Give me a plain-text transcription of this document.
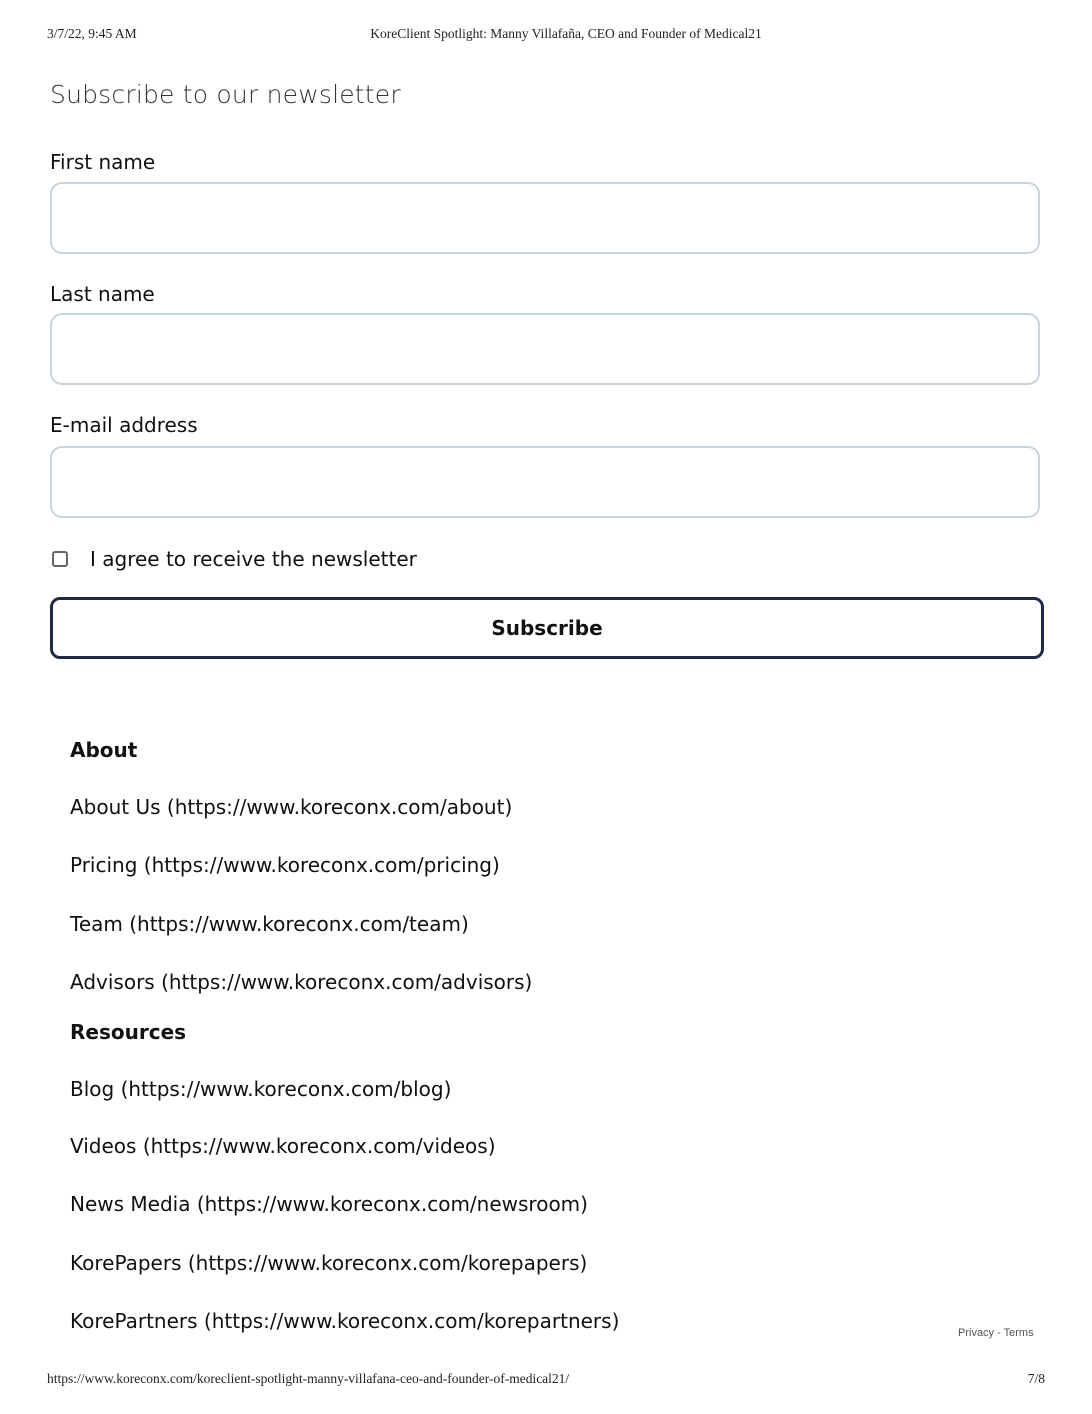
3/7/22, 9:45 AM	KoreClient Spotlight: Manny Villafaña, CEO and Founder of Medical21
Subscribe to our newsletter
First name
Last name
E-mail address
I agree to receive the newsletter
Subscribe
About
About Us (https://www.koreconx.com/about)
Pricing (https://www.koreconx.com/pricing)
Team (https://www.koreconx.com/team)
Advisors (https://www.koreconx.com/advisors)
Resources
Blog (https://www.koreconx.com/blog)
Videos (https://www.koreconx.com/videos)
News Media (https://www.koreconx.com/newsroom)
KorePapers (https://www.koreconx.com/korepapers)
KorePartners (https://www.koreconx.com/korepartners)	Privacy - Terms
https://www.koreconx.com/koreclient-spotlight-manny-villafana-ceo-and-founder-of-medical21/	7/8
